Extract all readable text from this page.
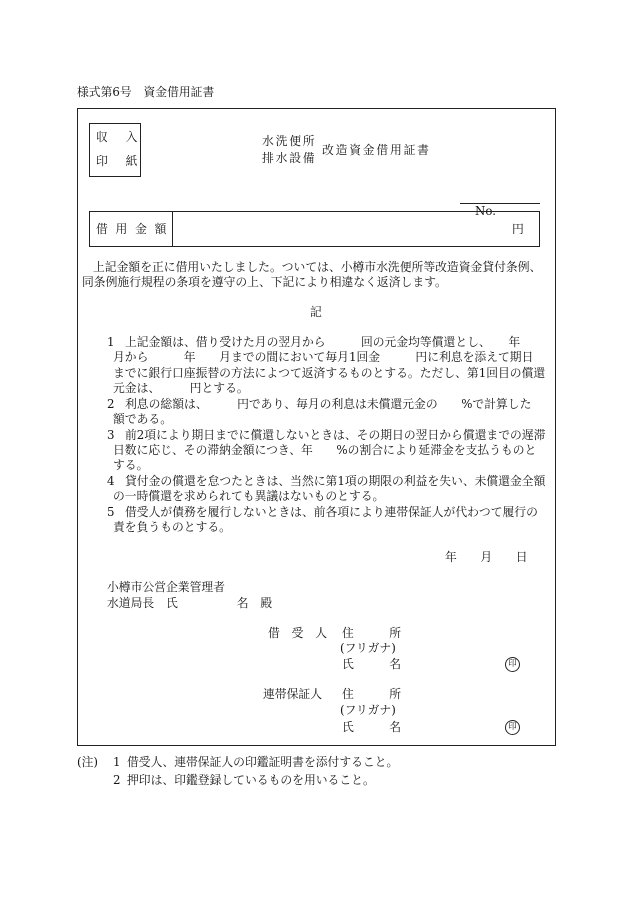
様式第6号　資金借用証書
収　入
印　紙
水洗便所
排水設備
改造資金借用証書

No.

借 用 金 額	円
上記金額を正に借用いたしました。ついては、小樽市水洗便所等改造資金貸付条例、
同条例施行規程の条項を遵守の上、下記により相違なく返済します。
記
1 上記金額は、借り受けた月の翌月から　　　回の元金均等償還とし、　　年
月から　　　年　　月までの間において毎月1回金　　　円に利息を添えて期日
までに銀行口座振替の方法によつて返済するものとする。ただし、第1回目の償還
元金は、　　　円とする。
2 利息の総額は、　　　円であり、毎月の利息は未償還元金の　　%で計算した
額である。
3 前2項により期日までに償還しないときは、その期日の翌日から償還までの遅滞
日数に応じ、その滞納金額につき、年　　%の割合により延滞金を支払うものと
する。
4 貸付金の償還を怠つたときは、当然に第1項の期限の利益を失い、未償還金全額
の一時償還を求められても異議はないものとする。
5 借受人が債務を履行しないときは、前各項により連帯保証人が代わつて履行の
責を負うものとする。
年　　月　　日
小樽市公営企業管理者
水道局長　氏　　　　　名　殿
借　受　人 住　　　所
(フリガナ)
氏　　　名	印
連帯保証人 住　　　所
(フリガナ)
氏　　　名	印
(注) 1 借受人、連帯保証人の印鑑証明書を添付すること。
2 押印は、印鑑登録しているものを用いること。
